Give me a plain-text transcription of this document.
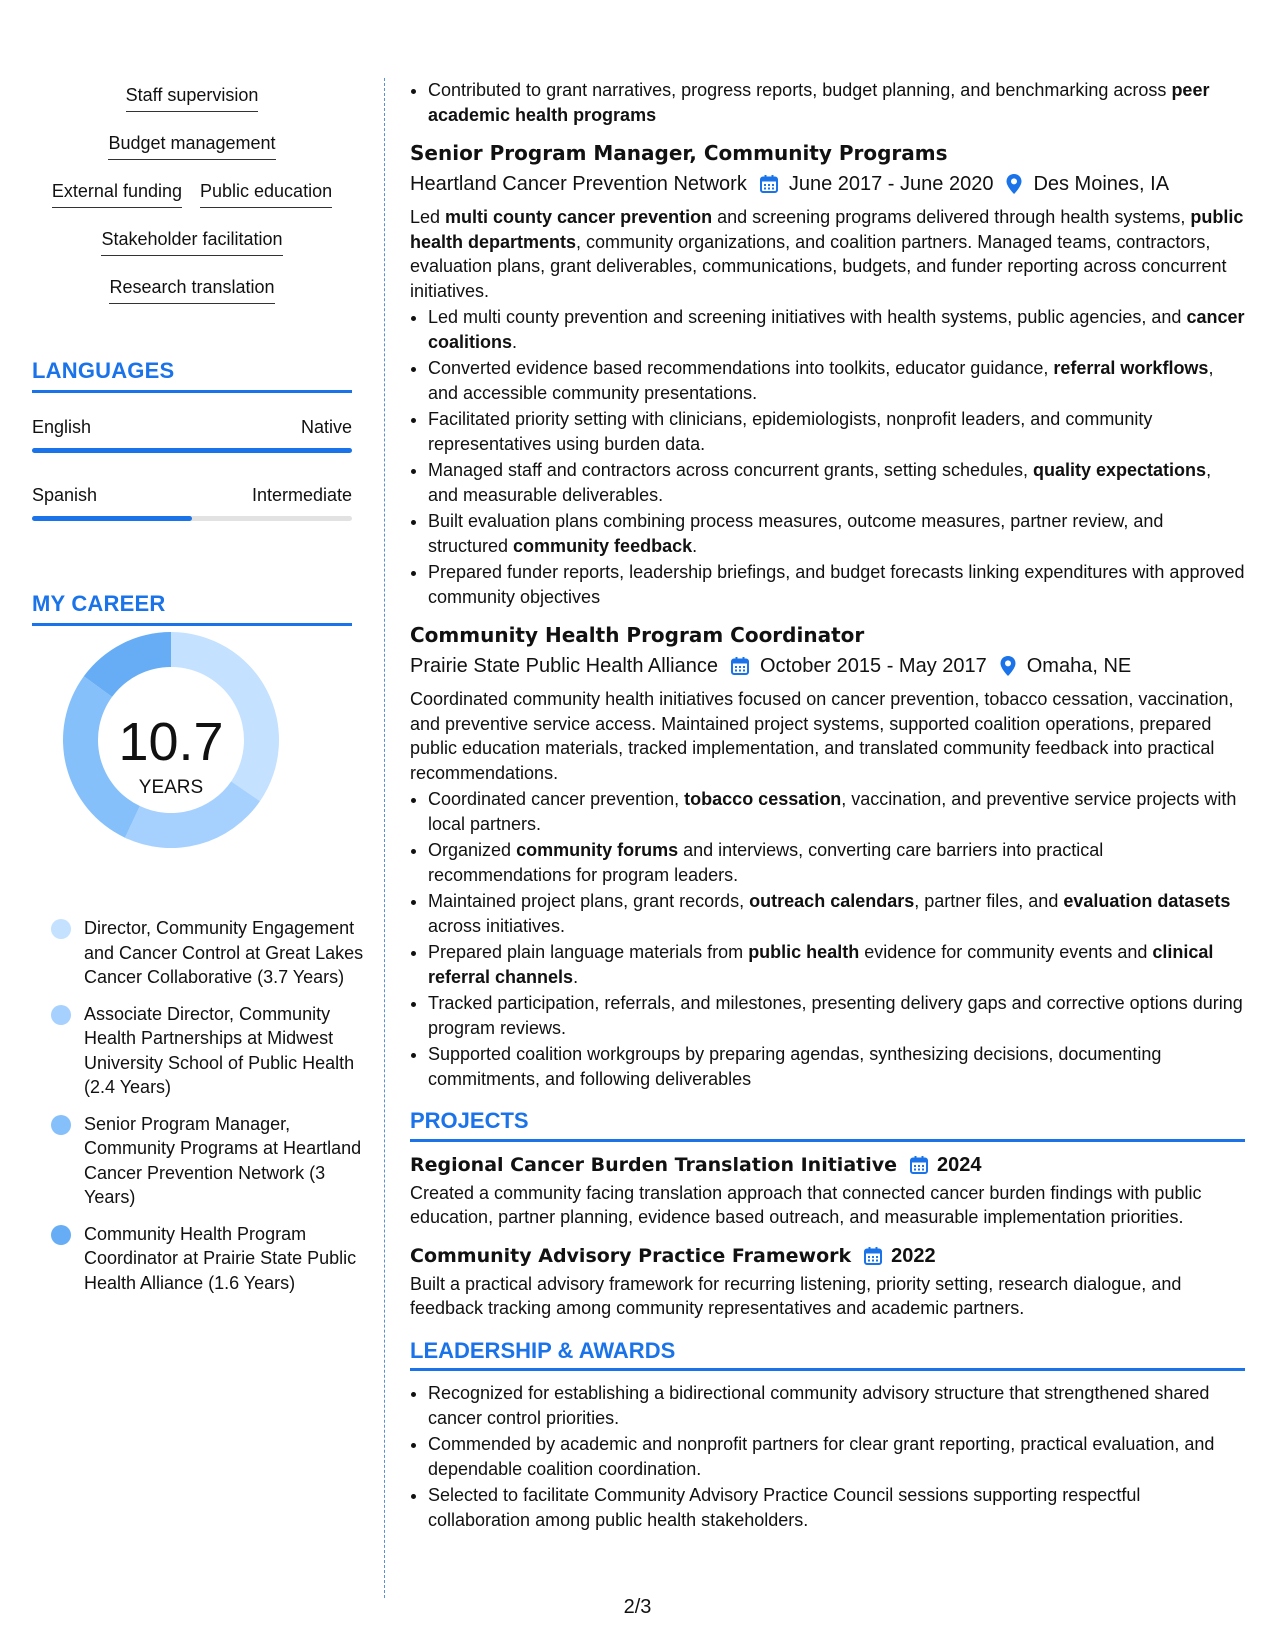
Staff supervision
Budget management
External funding Public education
Stakeholder facilitation
Research translation
LANGUAGES
English	Native
Spanish	Intermediate
MY CAREER
10.7
YEARS
Director, Community Engagement and Cancer Control at Great Lakes Cancer Collaborative (3.7 Years)
Associate Director, Community Health Partnerships at Midwest University School of Public Health (2.4 Years)
Senior Program Manager, Community Programs at Heartland Cancer Prevention Network (3 Years)
Community Health Program Coordinator at Prairie State Public Health Alliance (1.6 Years)
• Contributed to grant narratives, progress reports, budget planning, and benchmarking across peer academic health programs
Senior Program Manager, Community Programs
Heartland Cancer Prevention Network June 2017 - June 2020 Des Moines, IA
Led multi county cancer prevention and screening programs delivered through health systems, public health departments, community organizations, and coalition partners. Managed teams, contractors, evaluation plans, grant deliverables, communications, budgets, and funder reporting across concurrent initiatives.
• Led multi county prevention and screening initiatives with health systems, public agencies, and cancer coalitions.
• Converted evidence based recommendations into toolkits, educator guidance, referral workflows, and accessible community presentations.
• Facilitated priority setting with clinicians, epidemiologists, nonprofit leaders, and community representatives using burden data.
• Managed staff and contractors across concurrent grants, setting schedules, quality expectations, and measurable deliverables.
• Built evaluation plans combining process measures, outcome measures, partner review, and structured community feedback.
• Prepared funder reports, leadership briefings, and budget forecasts linking expenditures with approved community objectives
Community Health Program Coordinator
Prairie State Public Health Alliance October 2015 - May 2017 Omaha, NE
Coordinated community health initiatives focused on cancer prevention, tobacco cessation, vaccination, and preventive service access. Maintained project systems, supported coalition operations, prepared public education materials, tracked implementation, and translated community feedback into practical recommendations.
• Coordinated cancer prevention, tobacco cessation, vaccination, and preventive service projects with local partners.
• Organized community forums and interviews, converting care barriers into practical recommendations for program leaders.
• Maintained project plans, grant records, outreach calendars, partner files, and evaluation datasets across initiatives.
• Prepared plain language materials from public health evidence for community events and clinical referral channels.
• Tracked participation, referrals, and milestones, presenting delivery gaps and corrective options during program reviews.
• Supported coalition workgroups by preparing agendas, synthesizing decisions, documenting commitments, and following deliverables
PROJECTS
Regional Cancer Burden Translation Initiative 2024
Created a community facing translation approach that connected cancer burden findings with public education, partner planning, evidence based outreach, and measurable implementation priorities.
Community Advisory Practice Framework 2022
Built a practical advisory framework for recurring listening, priority setting, research dialogue, and feedback tracking among community representatives and academic partners.
LEADERSHIP & AWARDS
• Recognized for establishing a bidirectional community advisory structure that strengthened shared cancer control priorities.
• Commended by academic and nonprofit partners for clear grant reporting, practical evaluation, and dependable coalition coordination.
• Selected to facilitate Community Advisory Practice Council sessions supporting respectful collaboration among public health stakeholders.
2/3
